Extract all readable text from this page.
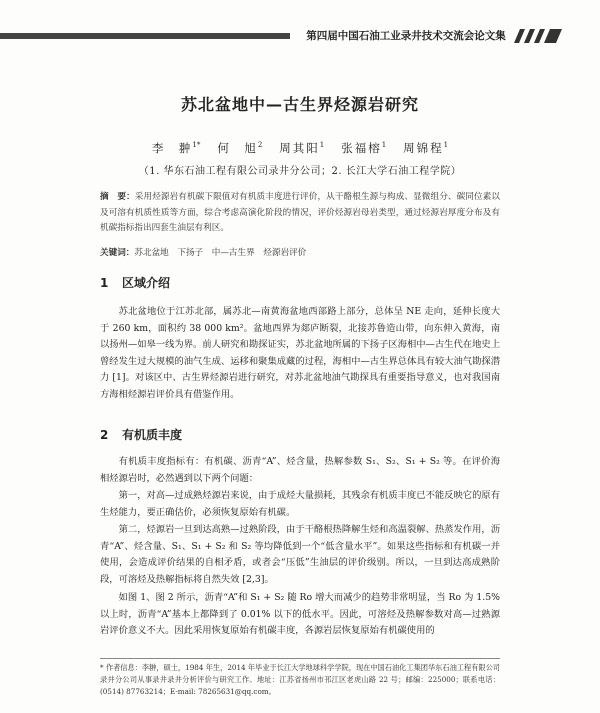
第四届中国石油工业录井技术交流会论文集
苏北盆地中—古生界烃源岩研究
李　翀$^{1*}$ 何　旭$^2$ 周其阳$^1$ 张福榕$^1$ 周锦程$^1$
（1. 华东石油工程有限公司录井分公司；2. 长江大学石油工程学院）
摘　要：采用烃源岩有机碳下限值对有机质丰度进行评价，从干酪根生源与构成、显微组分、碳同位素以及可溶有机质性质等方面，综合考虑高演化阶段的情况，评价烃源岩母岩类型，通过烃源岩厚度分布及有机碳指标指出四套生油层有利区。
关键词：苏北盆地　下扬子　中—古生界　烃源岩评价
1 区域介绍
苏北盆地位于江苏北部，属苏北—南黄海盆地西部路上部分，总体呈 NE 走向，延伸长度大于 260 km，面积约 38 000 km²。盆地西界为郯庐断裂，北接苏鲁造山带，向东伸入黄海，南以扬州—如皋一线为界。前人研究和勘探证实，苏北盆地所属的下扬子区海相中—古生代在地史上曾经发生过大规模的油气生成、运移和聚集成藏的过程，海相中—古生界总体具有较大油气勘探潜力 [1]。对该区中、古生界烃源岩进行研究，对苏北盆地油气勘探具有重要指导意义，也对我国南方海相烃源岩评价具有借鉴作用。
2 有机质丰度
有机质丰度指标有：有机碳、沥青“A”、烃含量，热解参数 S₁、S₂、S₁ + S₂ 等。在评价海相烃源岩时，必然遇到以下两个问题：
第一，对高—过成熟烃源岩来说，由于成烃大量损耗，其残余有机质丰度已不能反映它的原有生烃能力，要正确估价，必须恢复原始有机碳。
第二，烃源岩一旦到达高熟—过熟阶段，由于干酪根热降解生烃和高温裂解、热蒸发作用，沥青“A”、烃含量、S₁、S₁ + S₂ 和 S₂ 等均降低到一个“低含量水平”。如果这些指标和有机碳一并使用，会造成评价结果的自相矛盾，或者会“压低”生油层的评价级别。所以，一旦到达高成熟阶段，可溶烃及热解指标将自然失效 [2,3]。
如图 1、图 2 所示，沥青“A”和 S₁ + S₂ 随 Ro 增大而减少的趋势非常明显，当 Ro 为 1.5% 以上时，沥青“A”基本上都降到了 0.01% 以下的低水平。因此，可溶烃及热解参数对高—过熟源岩评价意义不大。因此采用恢复原始有机碳丰度，各源岩层恢复原始有机碳使用的
* 作者信息：李翀，硕士，1984 年生，2014 年毕业于长江大学地球科学学院，现在中国石油化工集团华东石油工程有限公司录井分公司从事录井录井分析评价与研究工作。地址：江苏省扬州市邗江区老虎山路 22 号；邮编：225000；联系电话：(0514) 87763214；E-mail: 78265631@qq.com。
